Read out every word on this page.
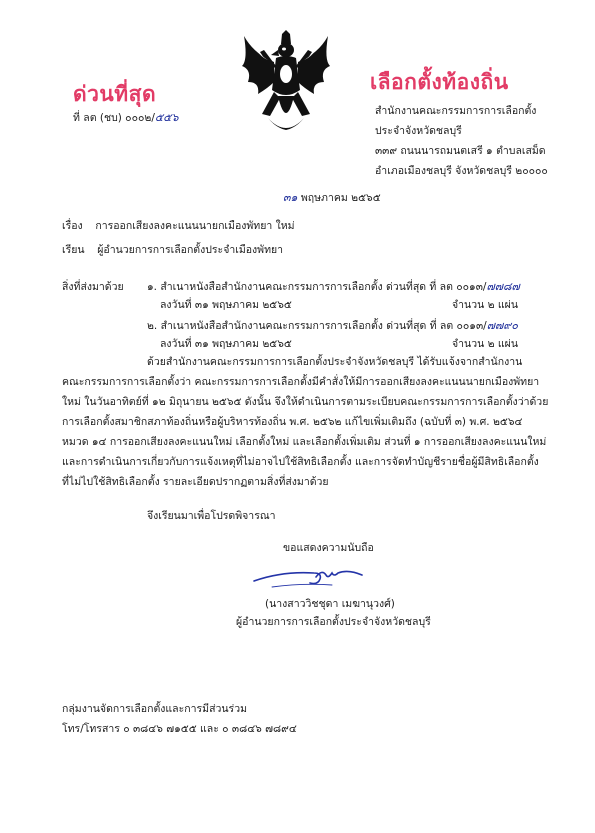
ด่วนที่สุด
ที่ ลต (ชบ) ๐๐๐๒/๕๕๖
เลือกตั้งท้องถิ่น
สำนักงานคณะกรรมการการเลือกตั้ง
ประจำจังหวัดชลบุรี
๓๓๙ ถนนนารถมนตเสรี ๑ ตำบลเสม็ด
อำเภอเมืองชลบุรี จังหวัดชลบุรี ๒๐๐๐๐
๓๑ พฤษภาคม ๒๕๖๕
เรื่อง การออกเสียงลงคะแนนนายกเมืองพัทยา ใหม่
เรียน ผู้อำนวยการการเลือกตั้งประจำเมืองพัทยา
สิ่งที่ส่งมาด้วย ๑. สำเนาหนังสือสำนักงานคณะกรรมการการเลือกตั้ง ด่วนที่สุด ที่ ลต ๐๐๑๓/๗๗๘๗
ลงวันที่ ๓๑ พฤษภาคม ๒๕๖๕	จำนวน ๒ แผ่น
๒. สำเนาหนังสือสำนักงานคณะกรรมการการเลือกตั้ง ด่วนที่สุด ที่ ลต ๐๐๑๓/๗๗๙๐
ลงวันที่ ๓๑ พฤษภาคม ๒๕๖๕	จำนวน ๒ แผ่น
ด้วยสำนักงานคณะกรรมการการเลือกตั้งประจำจังหวัดชลบุรี ได้รับแจ้งจากสำนักงาน
คณะกรรมการการเลือกตั้งว่า คณะกรรมการการเลือกตั้งมีคำสั่งให้มีการออกเสียงลงคะแนนนายกเมืองพัทยา
ใหม่ ในวันอาทิตย์ที่ ๑๒ มิถุนายน ๒๕๖๕ ดังนั้น จึงให้ดำเนินการตามระเบียบคณะกรรมการการเลือกตั้งว่าด้วย
การเลือกตั้งสมาชิกสภาท้องถิ่นหรือผู้บริหารท้องถิ่น พ.ศ. ๒๕๖๒ แก้ไขเพิ่มเติมถึง (ฉบับที่ ๓) พ.ศ. ๒๕๖๔
หมวด ๑๔ การออกเสียงลงคะแนนใหม่ เลือกตั้งใหม่ และเลือกตั้งเพิ่มเติม ส่วนที่ ๑ การออกเสียงลงคะแนนใหม่
และการดำเนินการเกี่ยวกับการแจ้งเหตุที่ไม่อาจไปใช้สิทธิเลือกตั้ง และการจัดทำบัญชีรายชื่อผู้มีสิทธิเลือกตั้ง
ที่ไม่ไปใช้สิทธิเลือกตั้ง รายละเอียดปรากฏตามสิ่งที่ส่งมาด้วย
จึงเรียนมาเพื่อโปรดพิจารณา
ขอแสดงความนับถือ
(นางสาววิชชุดา เมฆานุวงศ์)
ผู้อำนวยการการเลือกตั้งประจำจังหวัดชลบุรี
กลุ่มงานจัดการเลือกตั้งและการมีส่วนร่วม
โทร/โทรสาร ๐ ๓๘๔๖ ๗๑๕๕ และ ๐ ๓๘๔๖ ๗๘๙๔
